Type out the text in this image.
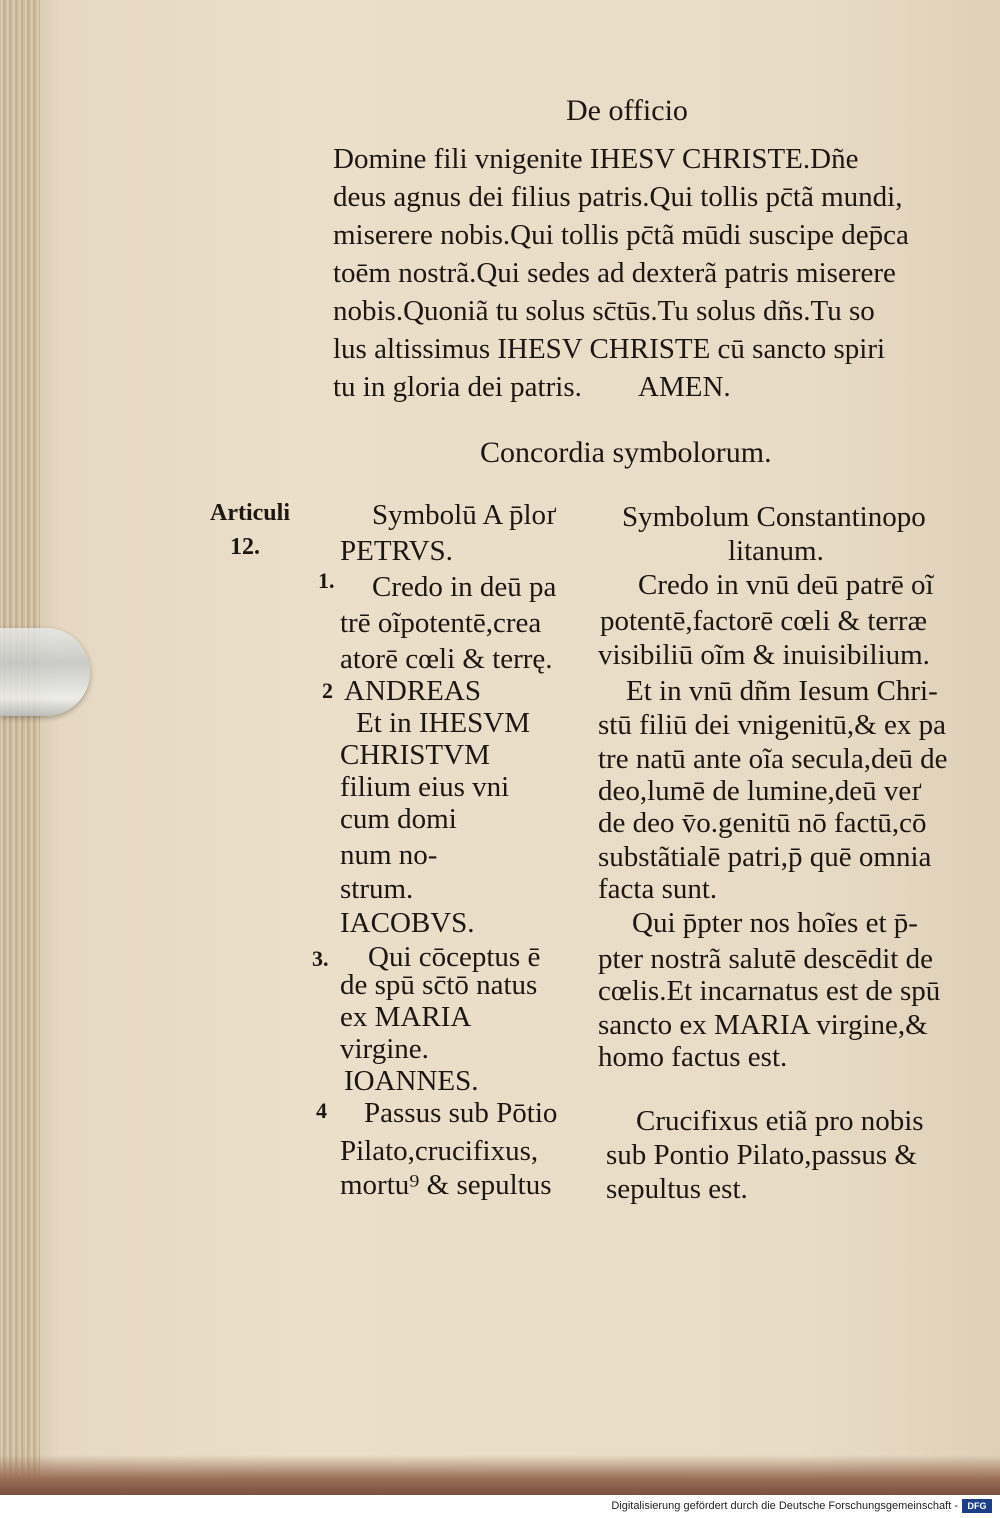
De officio
Domine fili vnigenite IHESV CHRISTE.Dñe
deus agnus dei filius patris.Qui tollis pc̄tã mundi,
miserere nobis.Qui tollis pc̄tã mūdi suscipe dep̄ca
toēm nostrã.Qui sedes ad dexterã patris miserere
nobis.Quoniã tu solus sc̄tūs.Tu solus dñs.Tu so
lus altissimus IHESV CHRISTE cū sancto spiri
tu in gloria dei patris. AMEN.
Concordia symbolorum.
Articuli
12.
1.
2
3.
4
Symbolū A p̄loґ
PETRVS.
Credo in deū pa
trē oĩpotentē,crea
atorē cœli & terrę.
ANDREAS
Et in IHESVM
CHRISTVM
filium eius vni
cum domi
num no-
strum.
IACOBVS.
Qui cōceptus ē
de spū sc̄tō natus
ex MARIA
virgine.
IOANNES.
Passus sub Pōtio
Pilato,crucifixus,
mortu⁹ & sepultus
Symbolum Constantinopo
litanum.
Credo in vnū deū patrē oĩ
potentē,factorē cœli & terræ
visibiliū oĩm & inuisibilium.
Et in vnū dñm Iesum Chri-
stū filiū dei vnigenitū,& ex pa
tre natū ante oĩa secula,deū de
deo,lumē de lumine,deū veґ
de deo v̄o.genitū nō factū,cō
substãtialē patri,p̄ quē omnia
facta sunt.
Qui p̄pter nos hoĩes et p̄-
pter nostrã salutē descēdit de
cœlis.Et incarnatus est de spū
sancto ex MARIA virgine,&
homo factus est.
Crucifixus etiã pro nobis
sub Pontio Pilato,passus &
sepultus est.
Digitalisierung gefördert durch die Deutsche Forschungsgemeinschaft -	DFG
